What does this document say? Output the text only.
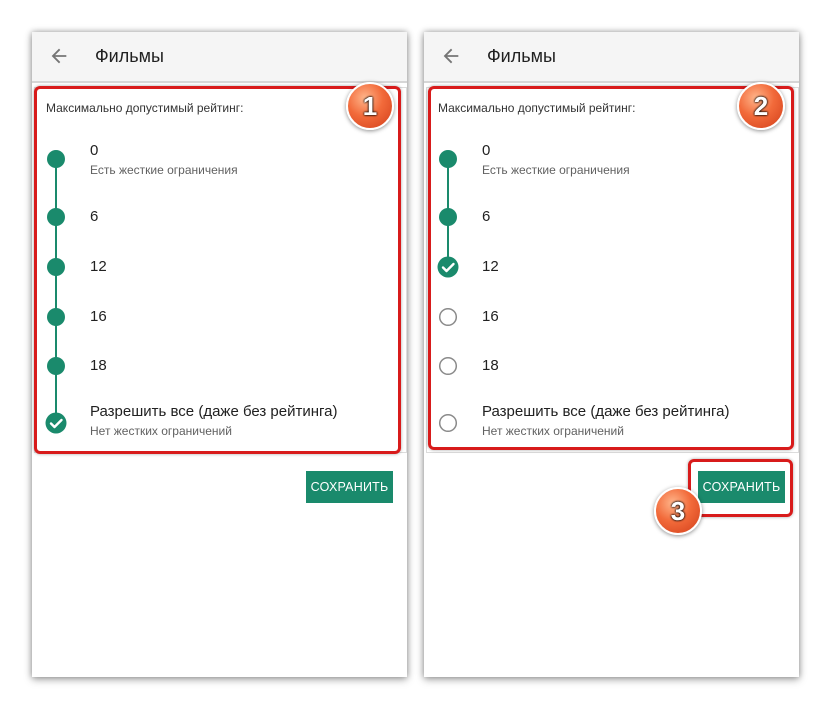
Фильмы
Максимально допустимый рейтинг:
0
Есть жесткие ограничения
6
12
16
18
Разрешить все (даже без рейтинга)
Нет жестких ограничений
СОХРАНИТЬ
Фильмы
Максимально допустимый рейтинг:
0
Есть жесткие ограничения
6
12
16
18
Разрешить все (даже без рейтинга)
Нет жестких ограничений
СОХРАНИТЬ
1	2
3
